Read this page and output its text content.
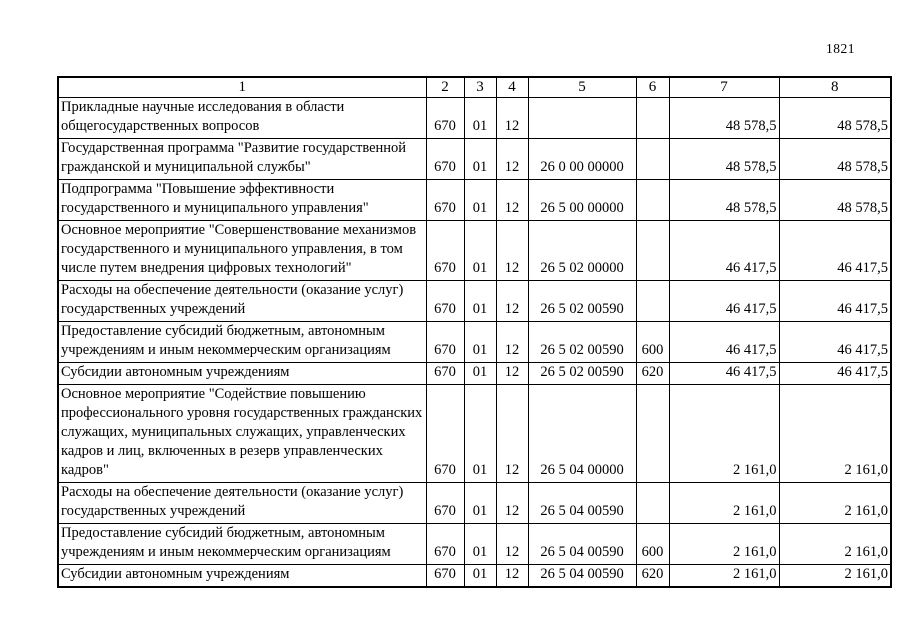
1821
1	2	3	4	5	6	7	8
Прикладные научные исследования в области общегосударственных вопросов	670	01	12			48 578,5	48 578,5
Государственная программа "Развитие государственной гражданской и муниципальной службы"	670	01	12	26 0 00 00000		48 578,5	48 578,5
Подпрограмма "Повышение эффективности государственного и муниципального управления"	670	01	12	26 5 00 00000		48 578,5	48 578,5
Основное мероприятие "Совершенствование механизмов государственного и муниципального управления, в том числе путем внедрения цифровых технологий"	670	01	12	26 5 02 00000		46 417,5	46 417,5
Расходы на обеспечение деятельности (оказание услуг) государственных учреждений	670	01	12	26 5 02 00590		46 417,5	46 417,5
Предоставление субсидий бюджетным, автономным учреждениям и иным некоммерческим организациям	670	01	12	26 5 02 00590	600	46 417,5	46 417,5
Субсидии автономным учреждениям	670	01	12	26 5 02 00590	620	46 417,5	46 417,5
Основное мероприятие "Содействие повышению профессионального уровня государственных гражданских служащих, муниципальных служащих, управленческих кадров и лиц, включенных в резерв управленческих кадров"	670	01	12	26 5 04 00000		2 161,0	2 161,0
Расходы на обеспечение деятельности (оказание услуг) государственных учреждений	670	01	12	26 5 04 00590		2 161,0	2 161,0
Предоставление субсидий бюджетным, автономным учреждениям и иным некоммерческим организациям	670	01	12	26 5 04 00590	600	2 161,0	2 161,0
Субсидии автономным учреждениям	670	01	12	26 5 04 00590	620	2 161,0	2 161,0
